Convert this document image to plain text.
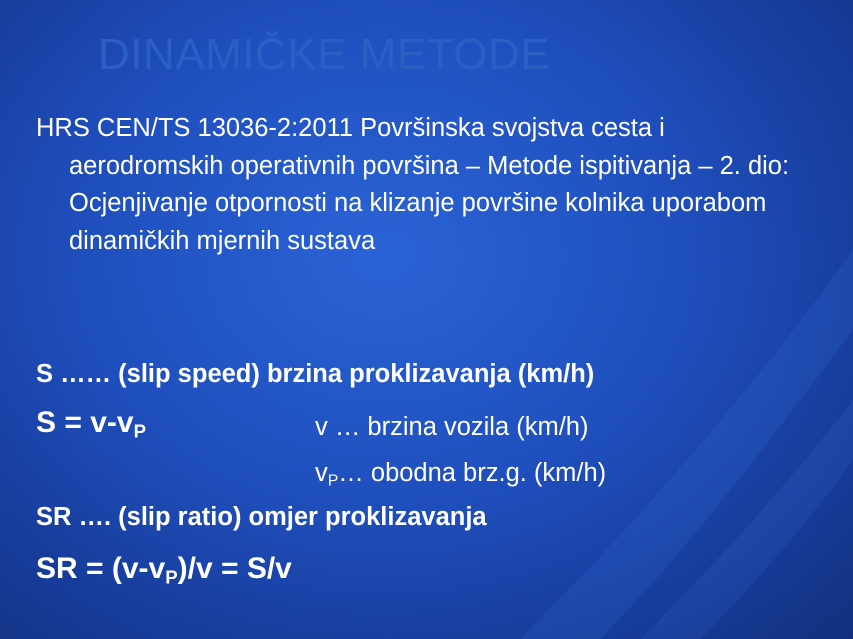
DINAMIČKE METODE
HRS CEN/TS 13036-2:2011 Površinska svojstva cesta i
aerodromskih operativnih površina – Metode ispitivanja – 2. dio: Ocjenjivanje otpornosti na klizanje površine kolnika uporabom dinamičkih mjernih sustava
S …… (slip speed) brzina proklizavanja (km/h)
$S = v-v_P$	v … brzina vozila (km/h)
$v_P\dots$ obodna brz.g. (km/h)
SR …. (slip ratio) omjer proklizavanja
SR = $(v-v_P)/v = S/v$
